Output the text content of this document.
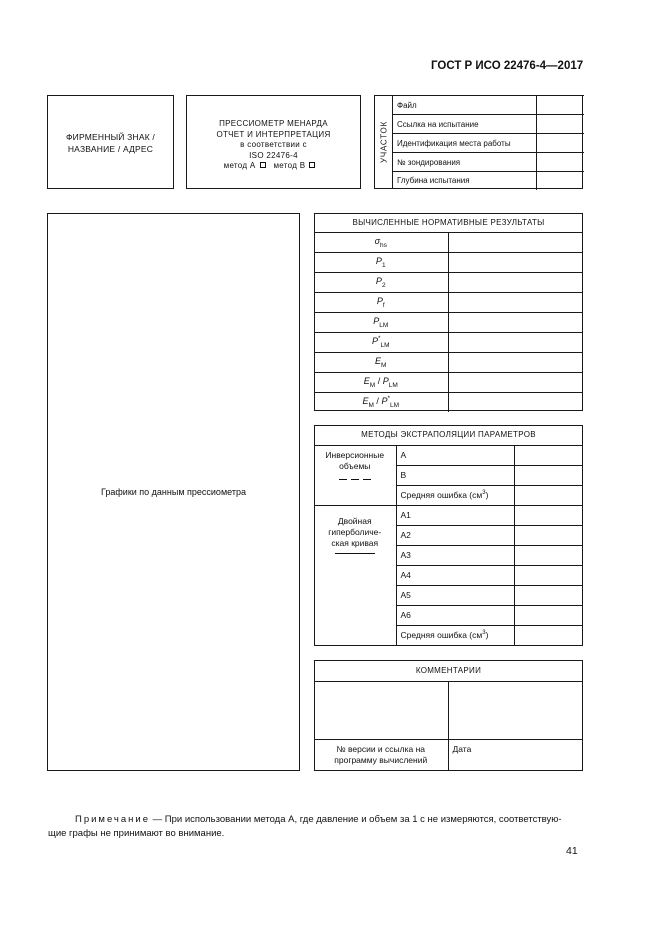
ГОСТ Р ИСО 22476-4—2017
ФИРМЕННЫЙ ЗНАК /
НАЗВАНИЕ / АДРЕС
ПРЕССИОМЕТР МЕНАРДА
ОТЧЕТ И ИНТЕРПРЕТАЦИЯ
в соответствии с
ISO 22476-4
метод А метод В
УЧАСТОК
Файл	
Ссылка на испытание	
Идентификация места работы	
№ зондирования	
Глубина испытания	
Графики по данным прессиометра
ВЫЧИСЛЕННЫЕ НОРМАТИВНЫЕ РЕЗУЛЬТАТЫ	
$\sigma_{hs}$	
$P_1$	
$P_2$	
$P_f$	
$P_{LM}$	
$P^*_{LM}$	
$E_M$	
$E_M / P_{LM}$	
$E_M / P^*_{LM}$	
МЕТОДЫ ЭКСТРАПОЛЯЦИИ ПАРАМЕТРОВ		

Инверсионные
объемы	A	
	B	
	Средняя ошибка $(см^3)$	

Двойная
гиперболиче-
ская кривая	A1	
	A2	
	A3	
	A4	
	A5	
	A6	
	Средняя ошибка $(см^3)$	
КОММЕНТАРИИ	

№ версии и ссылка на
программу вычислений	Дата
Примечание — При использовании метода А, где давление и объем за 1 с не измеряются, соответствую-
щие графы не принимают во внимание.
41
